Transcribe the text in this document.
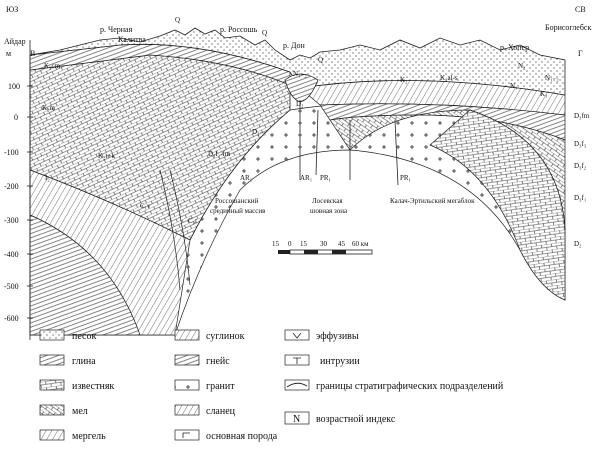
100
0
-100
-200
-300
-400
-500
-600
ЮЗ	СВ
Айдар
м В
Борисоглебск
Г
р. Черная
Калитва
р. Россошь
р. Дон	р. Хопер
K₂cm
K₂m
K₂t+k
I₂
C₁v
C₁t
Q
Q
Q
N₁₋₂
D₂
D₂₋₅
D₃f₁-fm
AR₁	AR₁ PR₁	PR₁
K₁al-s
K₂
N₂
N₁
N₁₋₂
K₁
D₃fm
D₃f₃
D₃f₂
D₃f₁
D₂
Россошанский
срединный массив
Лосевская
шовная зона
Калач-Эртильский мегаблок
15 0 15 30 45 60 км
песок
глина
известняк
мел
мергель
суглинок
гнейс
гранит
сланец
основная порода
эффузивы
интрузии
границы стратиграфических подразделений
N возрастной индекс
